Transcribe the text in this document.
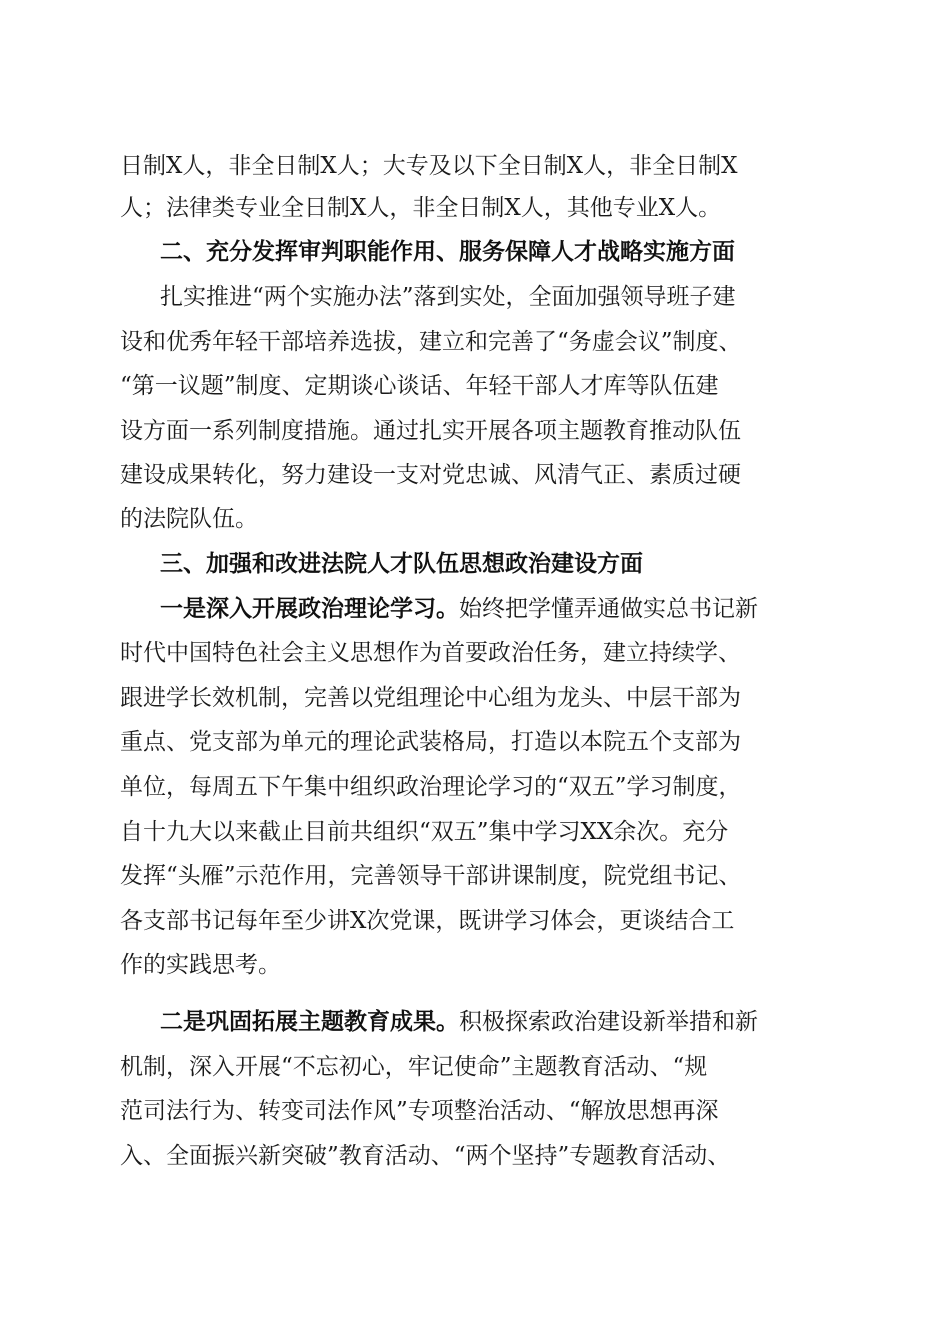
日制X人，非全日制X人；大专及以下全日制X人，非全日制X
人；法律类专业全日制X人，非全日制X人，其他专业X人。
二、充分发挥审判职能作用、服务保障人才战略实施方面
扎实推进“两个实施办法”落到实处，全面加强领导班子建
设和优秀年轻干部培养选拔，建立和完善了“务虚会议”制度、
“第一议题”制度、定期谈心谈话、年轻干部人才库等队伍建
设方面一系列制度措施。通过扎实开展各项主题教育推动队伍
建设成果转化，努力建设一支对党忠诚、风清气正、素质过硬
的法院队伍。
三、加强和改进法院人才队伍思想政治建设方面
一是深入开展政治理论学习。始终把学懂弄通做实总书记新
时代中国特色社会主义思想作为首要政治任务，建立持续学、
跟进学长效机制，完善以党组理论中心组为龙头、中层干部为
重点、党支部为单元的理论武装格局，打造以本院五个支部为
单位，每周五下午集中组织政治理论学习的“双五”学习制度，
自十九大以来截止目前共组织“双五”集中学习XX余次。充分
发挥“头雁”示范作用，完善领导干部讲课制度，院党组书记、
各支部书记每年至少讲X次党课，既讲学习体会，更谈结合工
作的实践思考。
二是巩固拓展主题教育成果。积极探索政治建设新举措和新
机制，深入开展“不忘初心，牢记使命”主题教育活动、“规
范司法行为、转变司法作风”专项整治活动、“解放思想再深
入、全面振兴新突破”教育活动、“两个坚持”专题教育活动、
